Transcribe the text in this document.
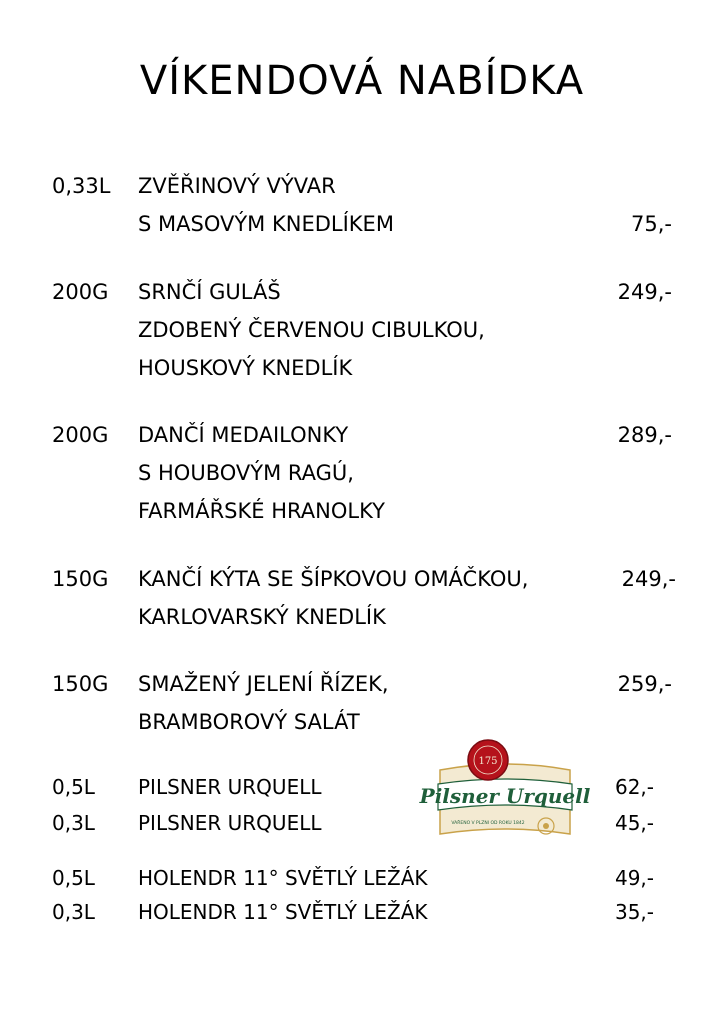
VÍKENDOVÁ NABÍDKA
0,33L ZVĚŘINOVÝ VÝVAR
S MASOVÝM KNEDLÍKEM	75,-
200G SRNČÍ GULÁŠ	249,-
ZDOBENÝ ČERVENOU CIBULKOU,
HOUSKOVÝ KNEDLÍK
200G DANČÍ MEDAILONKY	289,-
S HOUBOVÝM RAGÚ,
FARMÁŘSKÉ HRANOLKY
150G KANČÍ KÝTA SE ŠÍPKOVOU OMÁČKOU,	249,-
KARLOVARSKÝ KNEDLÍK
150G SMAŽENÝ JELENÍ ŘÍZEK,	259,-
BRAMBOROVÝ SALÁT
0,5L PILSNER URQUELL	62,-
0,3L PILSNER URQUELL	45,-
0,5L HOLENDR 11° SVĚTLÝ LEŽÁK	49,-
0,3L HOLENDR 11° SVĚTLÝ LEŽÁK	35,-
175
Pilsner Urquell
VAŘENO V PLZNI OD ROKU 1842
